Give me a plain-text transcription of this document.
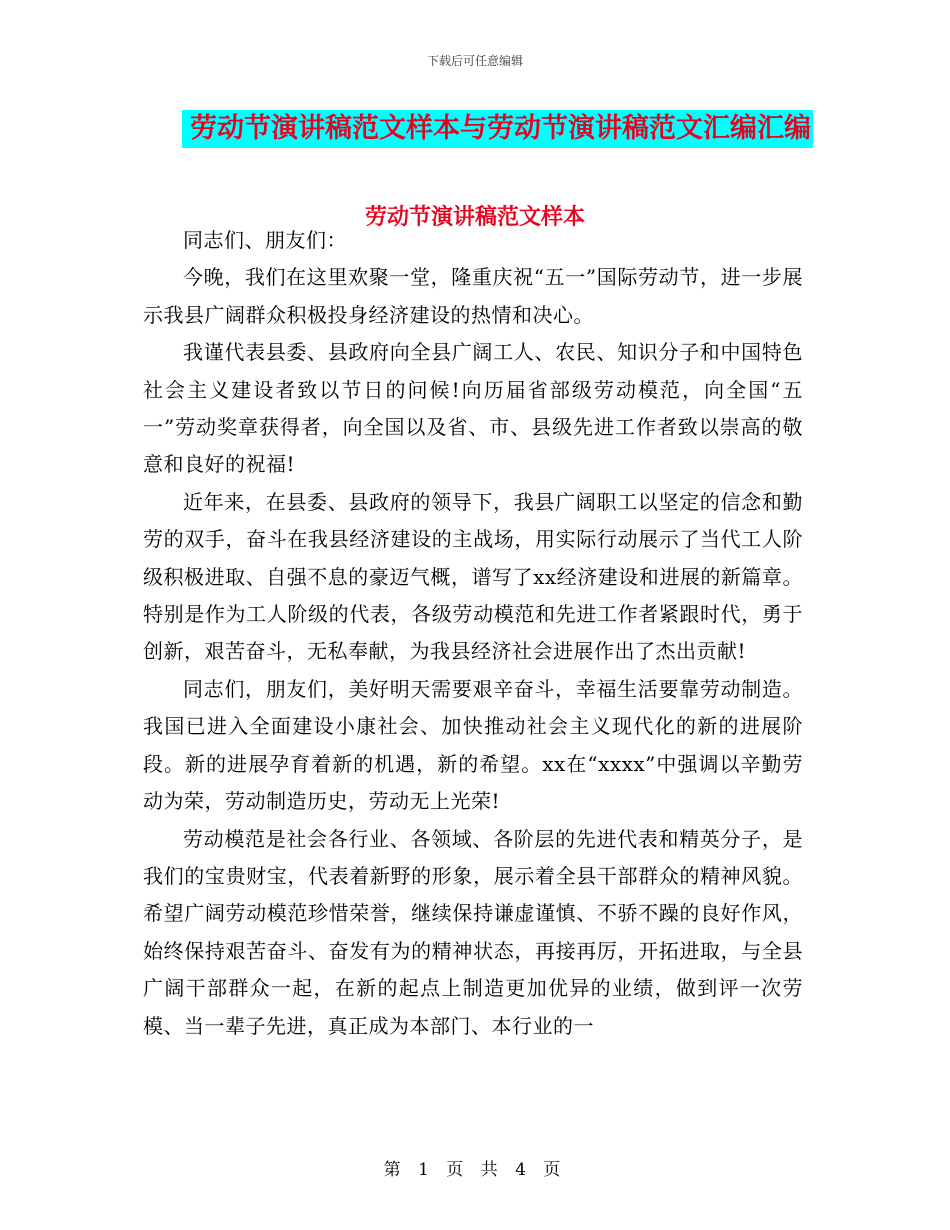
下载后可任意编辑
劳动节演讲稿范文样本与劳动节演讲稿范文汇编汇编
劳动节演讲稿范文样本

同志们、朋友们：

今晚，我们在这里欢聚一堂，隆重庆祝“五一”国际劳动节，进一步展示我县广阔群众积极投身经济建设的热情和决心。

我谨代表县委、县政府向全县广阔工人、农民、知识分子和中国特色社会主义建设者致以节日的问候!向历届省部级劳动模范，向全国“五一”劳动奖章获得者，向全国以及省、市、县级先进工作者致以崇高的敬意和良好的祝福!

近年来，在县委、县政府的领导下，我县广阔职工以坚定的信念和勤劳的双手，奋斗在我县经济建设的主战场，用实际行动展示了当代工人阶级积极进取、自强不息的豪迈气概，谱写了xx经济建设和进展的新篇章。特别是作为工人阶级的代表，各级劳动模范和先进工作者紧跟时代，勇于创新，艰苦奋斗，无私奉献，为我县经济社会进展作出了杰出贡献!

同志们，朋友们，美好明天需要艰辛奋斗，幸福生活要靠劳动制造。我国已进入全面建设小康社会、加快推动社会主义现代化的新的进展阶段。新的进展孕育着新的机遇，新的希望。xx在“xxxx”中强调以辛勤劳动为荣，劳动制造历史，劳动无上光荣!

劳动模范是社会各行业、各领域、各阶层的先进代表和精英分子，是我们的宝贵财宝，代表着新野的形象，展示着全县干部群众的精神风貌。希望广阔劳动模范珍惜荣誉，继续保持谦虚谨慎、不骄不躁的良好作风，始终保持艰苦奋斗、奋发有为的精神状态，再接再厉，开拓进取，与全县广阔干部群众一起，在新的起点上制造更加优异的业绩，做到评一次劳模、当一辈子先进，真正成为本部门、本行业的一

第 1 页 共 4 页
